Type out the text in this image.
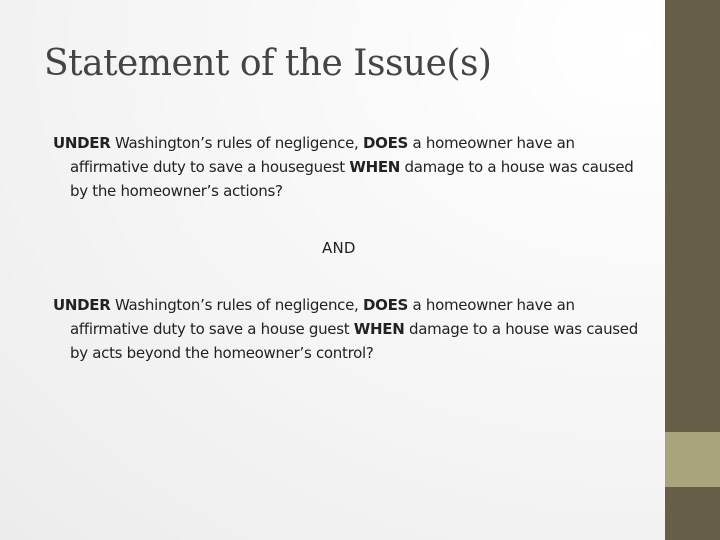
Statement of the Issue(s)

UNDER Washington’s rules of negligence, DOES a homeowner have an affirmative duty to save a houseguest WHEN damage to a house was caused by the homeowner’s actions?

AND

UNDER Washington’s rules of negligence, DOES a homeowner have an affirmative duty to save a house guest WHEN damage to a house was caused by acts beyond the homeowner’s control?
